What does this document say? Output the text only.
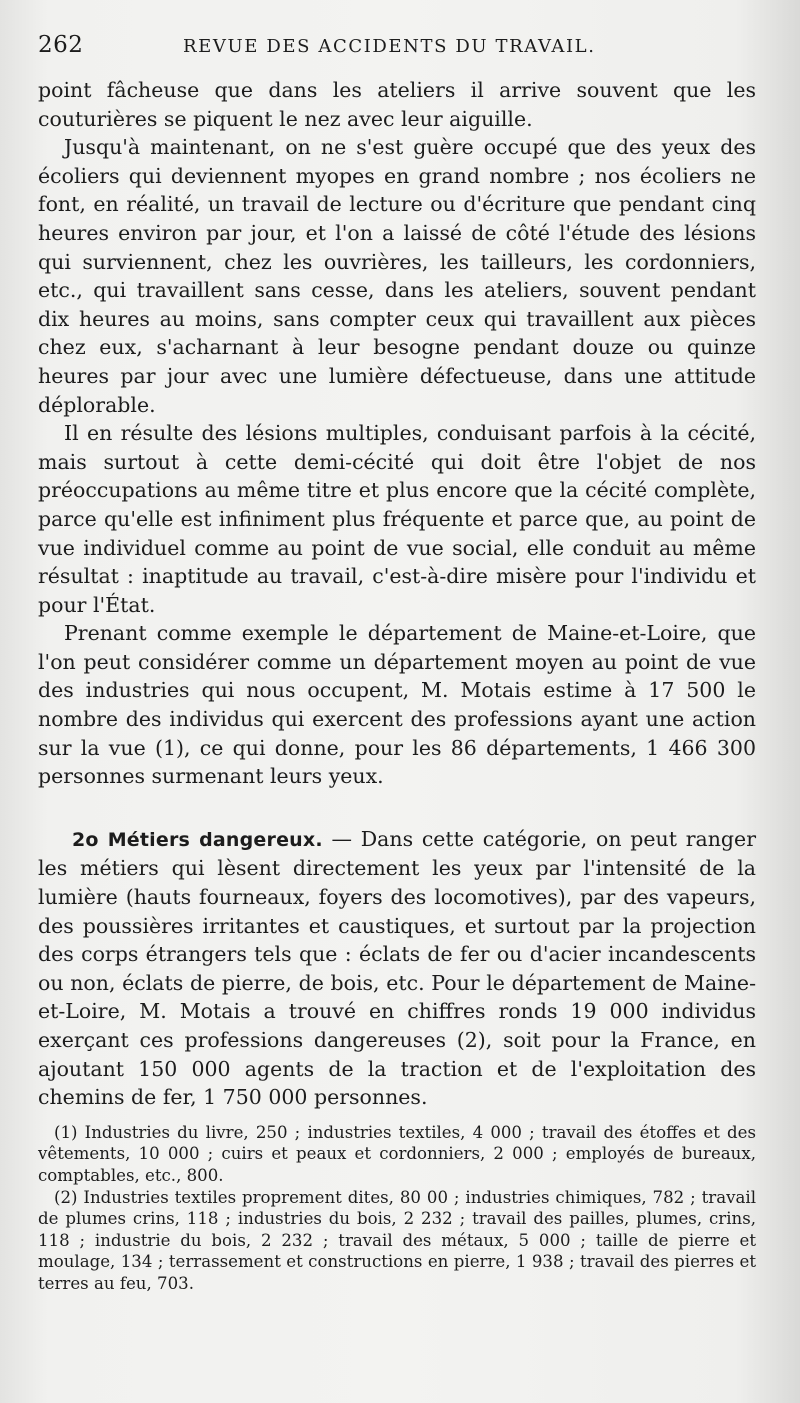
262	REVUE DES ACCIDENTS DU TRAVAIL.

point fâcheuse que dans les ateliers il arrive souvent que les couturières se piquent le nez avec leur aiguille.

Jusqu'à maintenant, on ne s'est guère occupé que des yeux des écoliers qui deviennent myopes en grand nombre ; nos écoliers ne font, en réalité, un travail de lecture ou d'écriture que pendant cinq heures environ par jour, et l'on a laissé de côté l'étude des lésions qui surviennent, chez les ouvrières, les tailleurs, les cordonniers, etc., qui travaillent sans cesse, dans les ateliers, souvent pendant dix heures au moins, sans compter ceux qui travaillent aux pièces chez eux, s'acharnant à leur besogne pendant douze ou quinze heures par jour avec une lumière défectueuse, dans une attitude déplorable.

Il en résulte des lésions multiples, conduisant parfois à la cécité, mais surtout à cette demi-cécité qui doit être l'objet de nos préoccupations au même titre et plus encore que la cécité complète, parce qu'elle est infiniment plus fréquente et parce que, au point de vue individuel comme au point de vue social, elle conduit au même résultat : inaptitude au travail, c'est-à-dire misère pour l'individu et pour l'État.

Prenant comme exemple le département de Maine-et-Loire, que l'on peut considérer comme un département moyen au point de vue des industries qui nous occupent, M. Motais estime à 17 500 le nombre des individus qui exercent des professions ayant une action sur la vue (1), ce qui donne, pour les 86 départements, 1 466 300 personnes surmenant leurs yeux.

2o Métiers dangereux. — Dans cette catégorie, on peut ranger les métiers qui lèsent directement les yeux par l'intensité de la lumière (hauts fourneaux, foyers des locomotives), par des vapeurs, des poussières irritantes et caustiques, et surtout par la projection des corps étrangers tels que : éclats de fer ou d'acier incandescents ou non, éclats de pierre, de bois, etc. Pour le département de Maine-et-Loire, M. Motais a trouvé en chiffres ronds 19 000 individus exerçant ces professions dangereuses (2), soit pour la France, en ajoutant 150 000 agents de la traction et de l'exploitation des chemins de fer, 1 750 000 personnes.

(1) Industries du livre, 250 ; industries textiles, 4 000 ; travail des étoffes et des vêtements, 10 000 ; cuirs et peaux et cordonniers, 2 000 ; employés de bureaux, comptables, etc., 800.

(2) Industries textiles proprement dites, 80 00 ; industries chimiques, 782 ; travail de plumes crins, 118 ; industries du bois, 2 232 ; travail des pailles, plumes, crins, 118 ; industrie du bois, 2 232 ; travail des métaux, 5 000 ; taille de pierre et moulage, 134 ; terrassement et constructions en pierre, 1 938 ; travail des pierres et terres au feu, 703.
